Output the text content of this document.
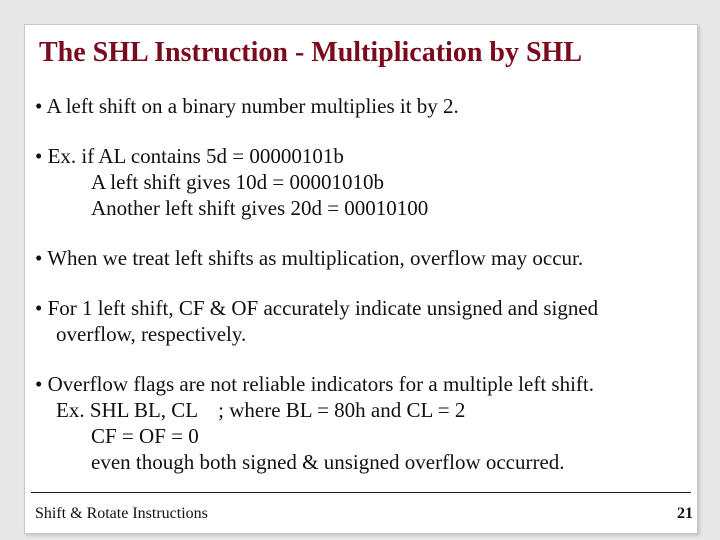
The SHL Instruction - Multiplication by SHL
• A left shift on a binary number multiplies it by 2.
• Ex. if AL contains 5d = 00000101b
A left shift gives 10d = 00001010b
Another left shift gives 20d = 00010100
• When we treat left shifts as multiplication, overflow may occur.
• For 1 left shift, CF & OF accurately indicate unsigned and signed
overflow, respectively.
• Overflow flags are not reliable indicators for a multiple left shift.
Ex. SHL BL, CL ; where BL = 80h and CL = 2
CF = OF = 0
even though both signed & unsigned overflow occurred.
Shift & Rotate Instructions	21
